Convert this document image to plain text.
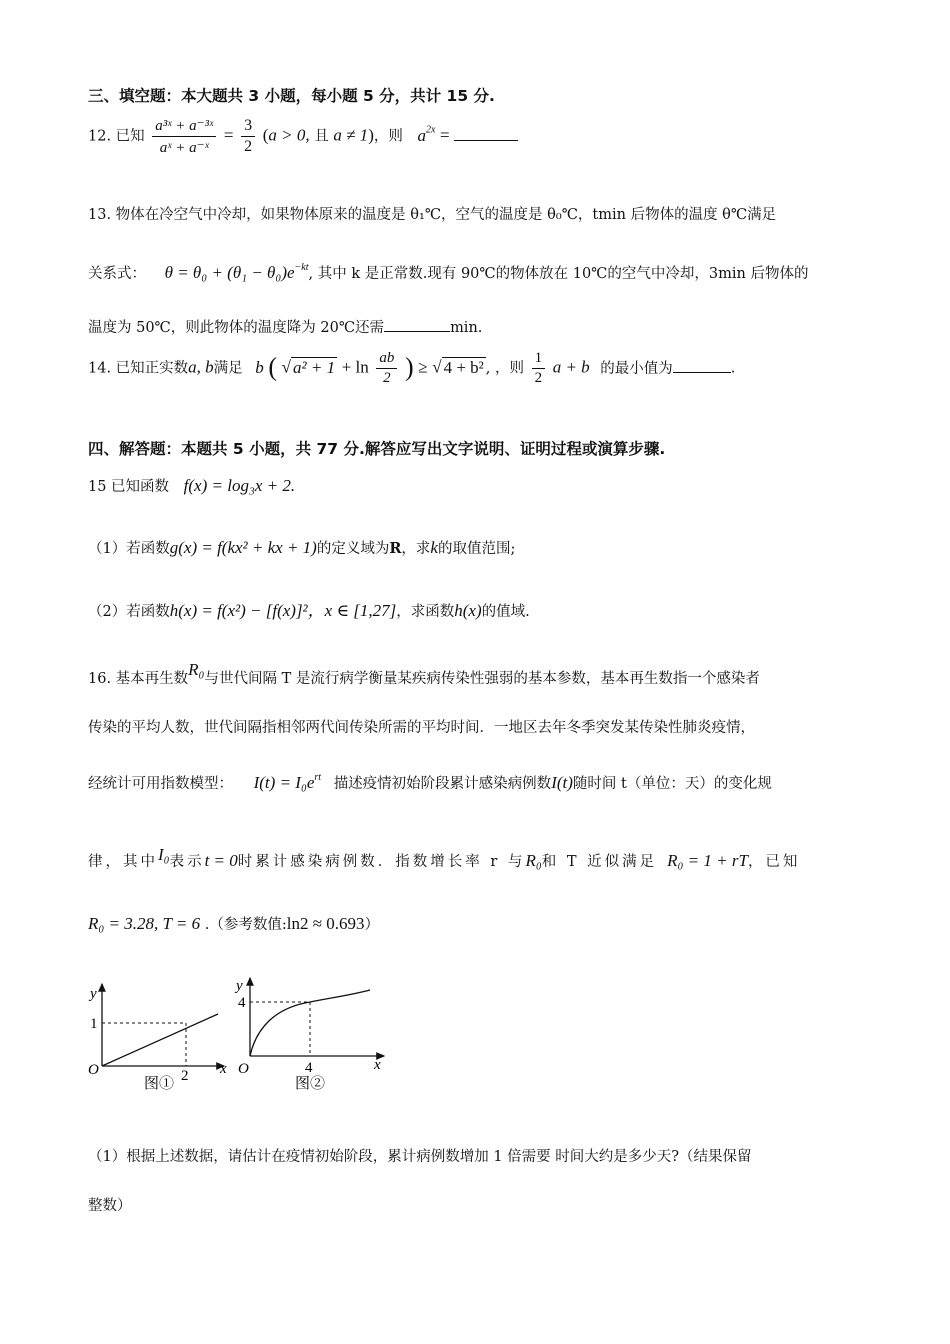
三、填空题：本大题共 3 小题，每小题 5 分，共计 15 分.
12. 已知 $\frac{\text{a³ˣ + a⁻³ˣ}}{\text{aˣ + a⁻ˣ}} = \frac{3}{2} (a > 0$, 且 a ≠ 1)，则 $a^{2x}$ =
13. 物体在冷空气中冷却，如果物体原来的温度是 θ₁℃，空气的温度是 θ₀℃，tmin 后物体的温度 θ℃满足
关系式： $\theta = \theta_0 + (\theta_1 - \theta_0)e^{-kt}$, 其中 k 是正常数.现有 90℃的物体放在 10℃的空气中冷却，3min 后物体的
温度为 50℃，则此物体的温度降为 20℃还需	min.
14. 已知正实数a, b满足 b ( √ $a^2 + 1 + \ln \frac{ab}{2}$ ) ≥ √ 4 + b² , ，则 $\frac{1}{2}$ a + b 的最小值为	.
四、解答题：本题共 5 小题，共 77 分.解答应写出文字说明、证明过程或演算步骤.
15 已知函数 f(x) = log₃x + 2.
（1）若函数g(x) = f(kx² + kx + 1)的定义域为R，求k的取值范围;
（2）若函数h(x) = f(x²) − [f(x)]²，x ∈ [1,27]，求函数h(x)的值域.
16. 基本再生数R₀与世代间隔 T 是流行病学衡量某疾病传染性强弱的基本参数，基本再生数指一个感染者
传染的平均人数，世代间隔指相邻两代间传染所需的平均时间．一地区去年冬季突发某传染性肺炎疫情，
经统计可用指数模型： $I(t) = I_0e^{rt}$ 描述疫情初始阶段累计感染病例数I(t)随时间 t（单位：天）的变化规
律，其中I₀表示t = 0时累计感染病例数．指数增长率 r 与R₀和 T 近似满足 R₀ = 1 + rT，已知
R₀ = 3.28, T = 6 .（参考数值:ln2 ≈ 0.693）
y
x
O
1
2
图①
y
x
O
4
4
图②
（1）根据上述数据，请估计在疫情初始阶段，累计病例数增加 1 倍需要 时间大约是多少天?（结果保留
整数）
